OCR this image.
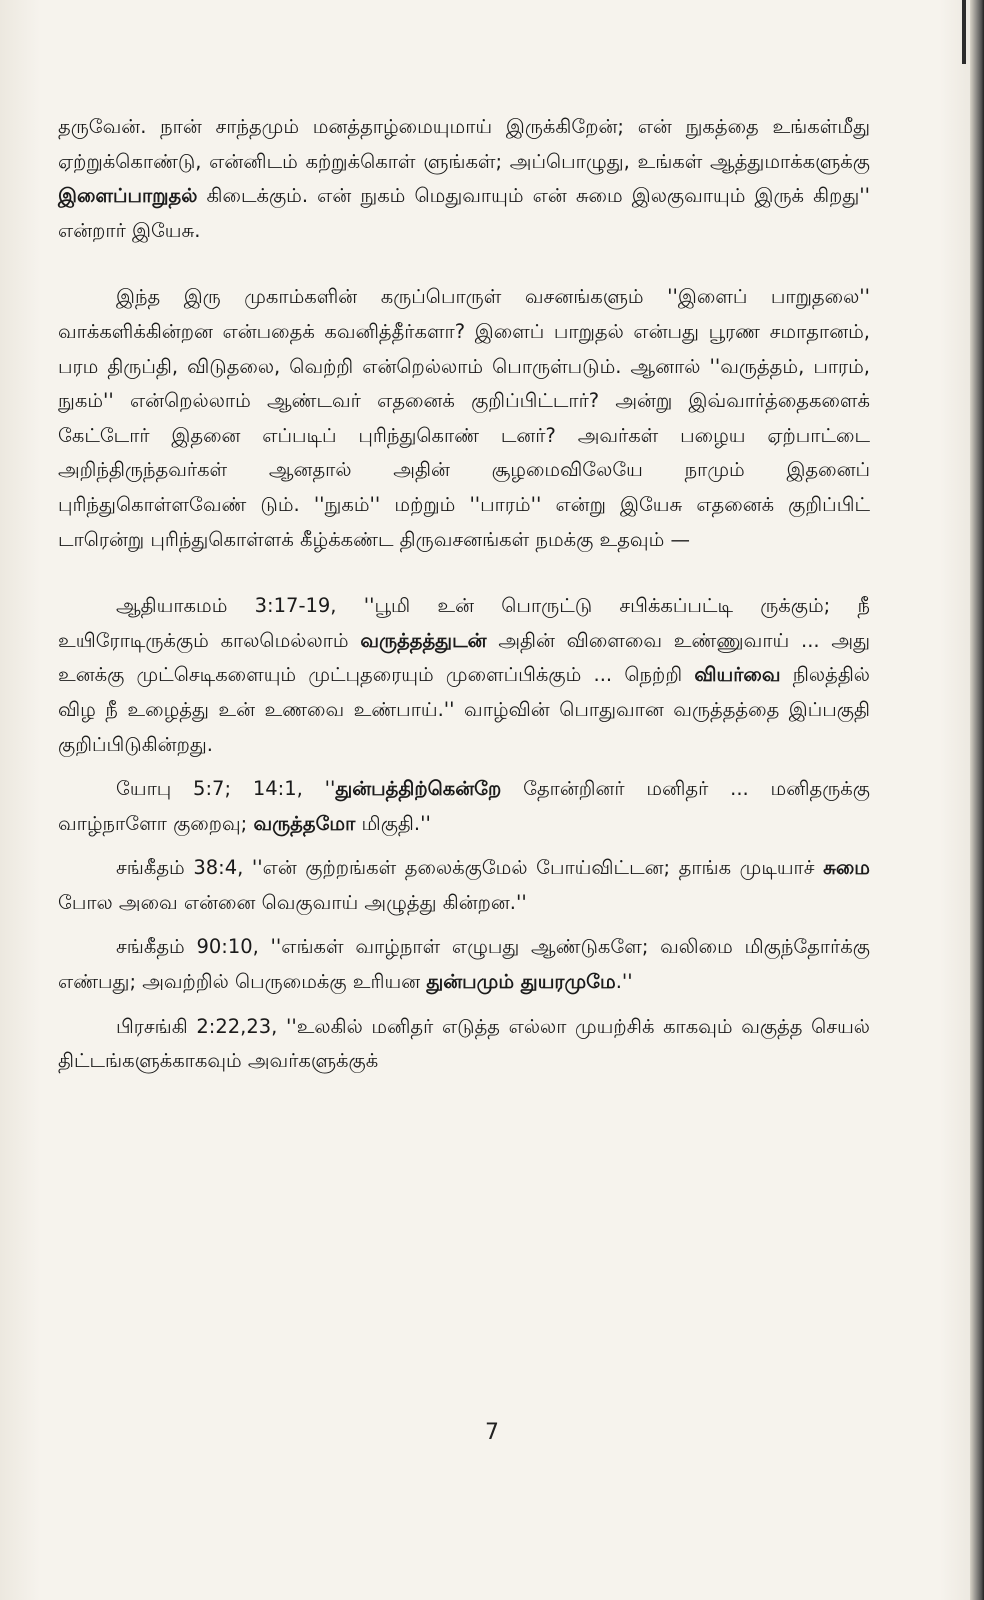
தருவேன். நான் சாந்தமும் மனத்தாழ்மையுமாய் இருக்கிறேன்; என் நுகத்தை உங்கள்மீது ஏற்றுக்கொண்டு, என்னிடம் கற்றுக்கொள் ளுங்கள்; அப்பொழுது, உங்கள் ஆத்துமாக்களுக்கு இளைப்பாறுதல் கிடைக்கும். என் நுகம் மெதுவாயும் என் சுமை இலகுவாயும் இருக் கிறது'' என்றார் இயேசு.

இந்த இரு முகாம்களின் கருப்பொருள் வசனங்களும் ''இளைப் பாறுதலை'' வாக்களிக்கின்றன என்பதைக் கவனித்தீர்களா? இளைப் பாறுதல் என்பது பூரண சமாதானம், பரம திருப்தி, விடுதலை, வெற்றி என்றெல்லாம் பொருள்படும். ஆனால் ''வருத்தம், பாரம், நுகம்'' என்றெல்லாம் ஆண்டவர் எதனைக் குறிப்பிட்டார்? அன்று இவ்வார்த்தைகளைக் கேட்டோர் இதனை எப்படிப் புரிந்துகொண் டனர்? அவர்கள் பழைய ஏற்பாட்டை அறிந்திருந்தவர்கள் ஆனதால் அதின் சூழமைவிலேயே நாமும் இதனைப் புரிந்துகொள்ளவேண் டும். ''நுகம்'' மற்றும் ''பாரம்'' என்று இயேசு எதனைக் குறிப்பிட் டாரென்று புரிந்துகொள்ளக் கீழ்க்கண்ட திருவசனங்கள் நமக்கு உதவும் —

ஆதியாகமம் 3:17-19, ''பூமி உன் பொருட்டு சபிக்கப்பட்டி ருக்கும்; நீ உயிரோடிருக்கும் காலமெல்லாம் வருத்தத்துடன் அதின் விளைவை உண்ணுவாய் ... அது உனக்கு முட்செடிகளையும் முட்புதரையும் முளைப்பிக்கும் ... நெற்றி வியர்வை நிலத்தில் விழ நீ உழைத்து உன் உணவை உண்பாய்.'' வாழ்வின் பொதுவான வருத்தத்தை இப்பகுதி குறிப்பிடுகின்றது.

யோபு 5:7; 14:1, ''துன்பத்திற்கென்றே தோன்றினர் மனிதர் ... மனிதருக்கு வாழ்நாளோ குறைவு; வருத்தமோ மிகுதி.''

சங்கீதம் 38:4, ''என் குற்றங்கள் தலைக்குமேல் போய்விட்டன; தாங்க முடியாச் சுமை போல அவை என்னை வெகுவாய் அழுத்து கின்றன.''

சங்கீதம் 90:10, ''எங்கள் வாழ்நாள் எழுபது ஆண்டுகளே; வலிமை மிகுந்தோர்க்கு எண்பது; அவற்றில் பெருமைக்கு உரியன துன்பமும் துயரமுமே.''

பிரசங்கி 2:22,23, ''உலகில் மனிதர் எடுத்த எல்லா முயற்சிக் காகவும் வகுத்த செயல் திட்டங்களுக்காகவும் அவர்களுக்குக்

7
